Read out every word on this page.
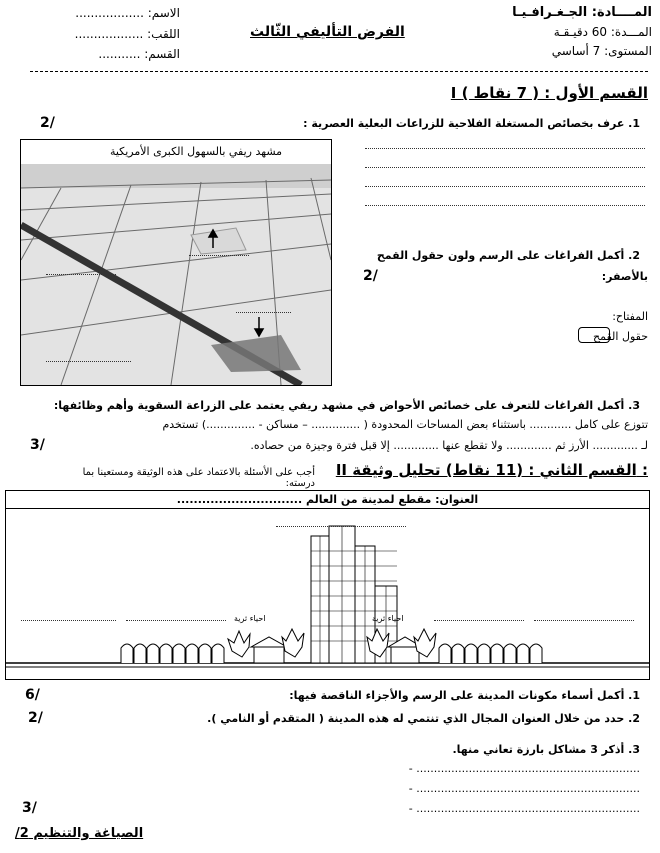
المــــادة: الجـغـرافـيـا
المـــدة: 60 دقيـقـة
المستوى: 7 أساسي
الفرض التأليفي الثّالث
الاسم: ..................
اللقب: ..................
القسم: ...........
I القسم الأول : ( 7 نقاط )
1. عرف بخصائص المستغلة الفلاحية للزراعات البعلية العصرية :
2/
مشهد ريفي بالسهول الكبرى الأمريكية
2. أكمل الفراغات على الرسم ولون حقول القمح
بالأصفر:
2/
المفتاح:
حقول القمح
3. أكمل الفراغات للتعرف على خصائص الأحواض في مشهد ريفي يعتمد على الزراعة السقوية وأهم وظائفها:
تتوزع على كامل ............ باستثناء بعض المساحات المحدودة ( .............. – مساكن - ..............) تستخدم
لـ ............. الأرز ثم ............. ولا تقطع عنها ............. إلا قبل فترة وجيزة من حصاده.
3/
II القسم الثاني : (11 نقاط) تحليل وثيقة :
أجب على الأسئلة بالاعتماد على هذه الوثيقة ومستعينا بما درسته:
العنوان: مقطع لمدينة من العالم ..............................
احياء ثرية	احياء ثرية
1. أكمل أسماء مكونات المدينة على الرسم والأجزاء الناقصة فيها:
6/
2. حدد من خلال العنوان المجال الذي تنتمي له هذه المدينة ( المتقدم أو النامي ).
2/
3. أذكر 3 مشاكل بارزة تعاني منها.
- ................................................................
- ................................................................
- ................................................................
3/
الصياغة والتنظيم 2/
